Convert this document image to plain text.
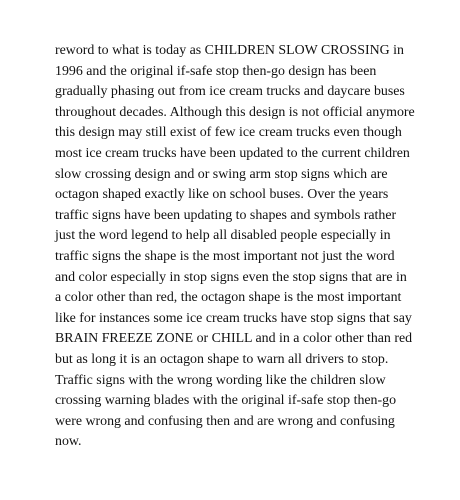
reword to what is today as CHILDREN SLOW CROSSING in
1996 and the original if-safe stop then-go design has been
gradually phasing out from ice cream trucks and daycare buses
throughout decades. Although this design is not official anymore
this design may still exist of few ice cream trucks even though
most ice cream trucks have been updated to the current children
slow crossing design and or swing arm stop signs which are
octagon shaped exactly like on school buses. Over the years
traffic signs have been updating to shapes and symbols rather
just the word legend to help all disabled people especially in
traffic signs the shape is the most important not just the word
and color especially in stop signs even the stop signs that are in
a color other than red, the octagon shape is the most important
like for instances some ice cream trucks have stop signs that say
BRAIN FREEZE ZONE or CHILL and in a color other than red
but as long it is an octagon shape to warn all drivers to stop.
Traffic signs with the wrong wording like the children slow
crossing warning blades with the original if-safe stop then-go
were wrong and confusing then and are wrong and confusing
now.
